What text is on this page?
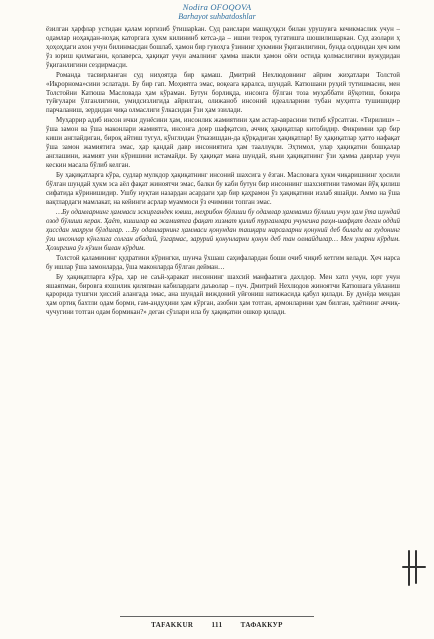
Nodira OFOQOVA
Barhayot suhbatdoshlar

ёзилган ҳарфлар устидан қалам юргизиб ўтишарkан. Суд раислари машқуҳқси билан урушувга кечикмаслик учун – одамлар ноҳақдан-ноҳақ каторгага ҳукм килининб кетса-да – ишни тезроқ тугатишга шошилишаркан. Суд азолари ҳ ҳоҳоҳдаги ахон учун билинмасдан бошлаб, ҳамон бир гувоҳга ўзининг ҳукмини ўқиганлигини, бунда олдиндан ҳеч ким ўз юриш қилмагани, қолаверса, ҳақиқат учун амалнинг ҳамма шакли ҳамон оёғи остида қолмаслигини вужудидан ўқиганлигини сездирмасди.

Романда тасвирланган суд ниҳоятда бир қамаш. Дмитрий Нехлюдовнинг айрим жиҳатлари Толстой «Иқрорнома»сини эслатади. Бу бир гап. Моҳиятга эмас, воқеага қаралса, шундай. Катюшани руҳий тутишмасин, мен Толстойни Катюша Масловада ҳам кўраман. Бутун борлиқда, инсонга бўлган тоза муҳаббати йўқотиш, бокира туйғулари ўлганлигини, умидсизлигида айрилган, олижаноб инсоний идеалларини тубан муҳитга тушишидир парчаланиш, зердидан чиқа олмаслиги ўлкасидан ўзи ҳам эзилади.

Муҳаррир адиб инсон ички дунёсини ҳам, инсонлик жамиятини ҳам астар-аврасини титиб кўрсатган. «Тирилиш» – ўша замон ва ўша маконлари жамиятга, инсонга доир шафқатсиз, аччиқ ҳақиқатлар китобидир. Фикримни ҳар бир киши англайдиган, бироқ айтиш тугул, кўнглидан ўтказишдан-да қўрқадиган ҳақиқатлар! Бу ҳақиқатлар ҳатто нафақат ўша замон жамиятига эмас, ҳар қандай давр инсониятига ҳам тааллуқли. Эҳтимол, улар ҳақиқатни бошқалар англашини, жамият уни кўришини истамайди. Бу ҳақиқат мана шундай, яъни ҳақиқатнинг ўзи ҳамма даврлар учун кескин масала бўлиб келган.

Бу ҳақиқатларга кўра, судлар мулкдор ҳақиқатнинг инсоний шахсига у ёзган. Масловага ҳукм чиқаришнинг ҳосили бўлган шундай ҳукм эса аёл фақат жиноятчи эмас, балки бу каби бутун бир инсоннинг шахсиятини тамоман йўқ қилиш сифатида кўринишидир. Ушбу нуқтаи назардан асардаги ҳар бир қаҳрамон ўз ҳақиқатини излаб яшайди. Аммо на ўша вақтлардаги мамлакат, на кейинги асрлар муаммоси ўз ечимини топган эмас.

…Бу одамларнинг ҳаммаси эскиргандек ювиш, меҳрибон бўлиши бу одамлар ҳаммамиз бўлиши учун ҳам ўта шундай озод бўлиши керак. Ҳаёт, кишилар ва жамиятга фақат хизмат қилиб турганлари учунгина раҳм-шафқат деган оддий ҳиссдан маҳрум бўлдилар. …Бу одамларнинг ҳаммаси қонундан ташқари нарсаларни қонуний деб билади ва худонинг ўзи инсонлар кўнглига солган абадий, ўзгармас, зарурий қонунларни қонун деб тан олмайдилар… Мен уларни кўрдим. Ҳозиргина ўз кўзим билан кўрдим.

Толстой қаламининг қудратини кўрингки, шунча ўхшаш саҳифалардан боши очиб чиқиб кетгим келади. Ҳеч нарса бу ишлар ўша замонларда, ўша маконларда бўлган дейман…

Бу ҳақиқатларга кўра, ҳар не саъй-ҳаракат инсоннинг шахсий манфаатига дахлдор. Мен хатл учун, юрт учун яшаяпман, бировга яхшилик қиляпман кабилардаги даъволар – пуч. Дмитрий Нехлюдов жиноятчи Катюшага уйланиш қарорида тушгни ҳиссий алангада эмас, ана шундай виждоний уйғониш натижасида қабул қилади. Бу дунёда мендан ҳам ортиқ бахтли одам борми, ғам-андуҳини ҳам кўрган, азобни ҳам тотган, армонларини ҳам билган, ҳаётнинг аччиқ-чучугини тотган одам бормикан?» деган сўзлари ила бу ҳақиқатни ошкор қилади.

TAFAKKUR	111	ТАФАККУР
